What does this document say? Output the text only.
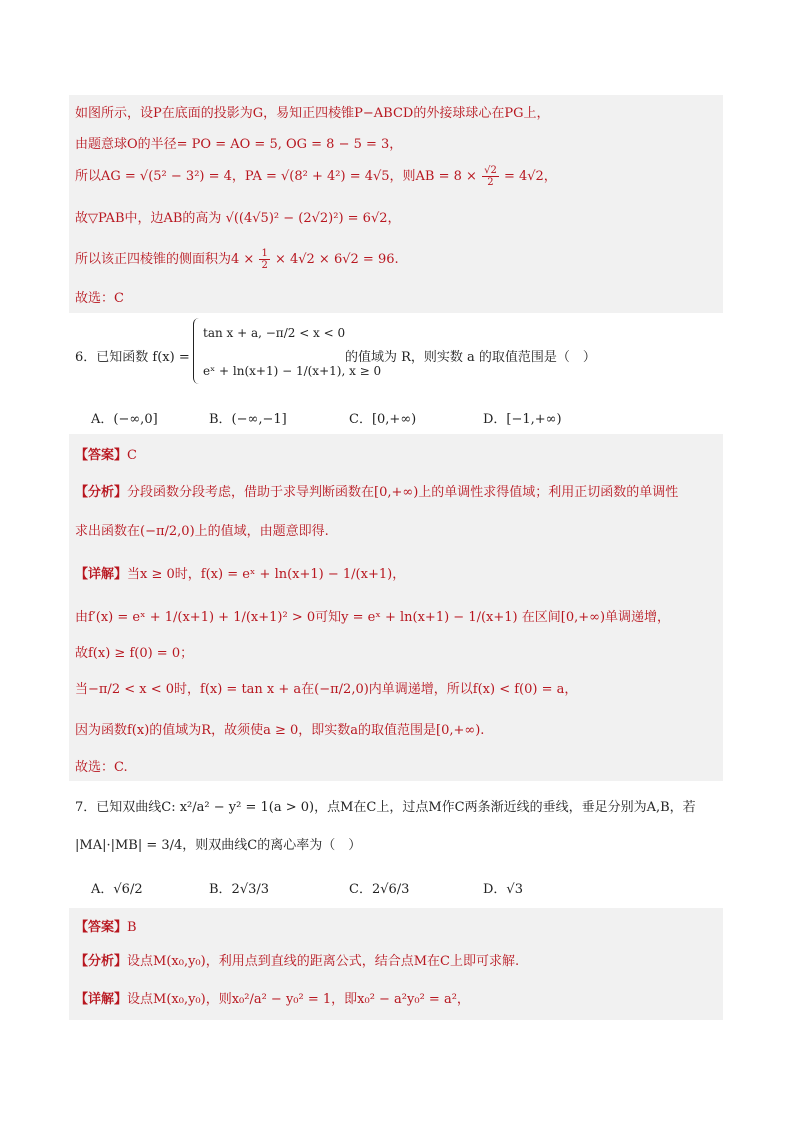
如图所示，设P在底面的投影为G，易知正四棱锥P−ABCD的外接球球心在PG上，
由题意球O的半径= PO = AO = 5, OG = 8 − 5 = 3，
所以AG = √(5² − 3²) = 4，PA = √(8² + 4²) = 4√5，则AB = $8 \times \frac{√2}{2} = 4√2$，
故▽PAB中，边AB的高为 √((4√5)² − (2√2)²) = 6√2，
所以该正四棱锥的侧面积为$4 \times \frac{1}{2} \times 4√2 \times 6√2 = 96$.
故选：C
6．已知函数 f(x) =
tan x + a, −π/2 < x < 0
eˣ + ln(x+1) − 1/(x+1), x ≥ 0
的值域为 R，则实数 a 的取值范围是（　）
A．(−∞,0]	B．(−∞,−1]	C．[0,+∞)	D．[−1,+∞)
【答案】C
【分析】分段函数分段考虑，借助于求导判断函数在[0,+∞)上的单调性求得值域；利用正切函数的单调性
求出函数在(−π/2,0)上的值域，由题意即得.
【详解】当x ≥ 0时，f(x) = eˣ + ln(x+1) − 1/(x+1)，
由f′(x) = eˣ + 1/(x+1) + 1/(x+1)² > 0可知y = eˣ + ln(x+1) − 1/(x+1) 在区间[0,+∞)单调递增，
故f(x) ≥ f(0) = 0；
当−π/2 < x < 0时，f(x) = tan x + a在(−π/2,0)内单调递增，所以f(x) < f(0) = a，
因为函数f(x)的值域为R，故须使a ≥ 0，即实数a的取值范围是[0,+∞).
故选：C.
7．已知双曲线C: x²/a² − y² = 1(a > 0)，点M在C上，过点M作C两条渐近线的垂线，垂足分别为A,B，若
|MA|·|MB| = 3/4，则双曲线C的离心率为（　）
A．√6/2	B．2√3/3	C．2√6/3	D．√3
【答案】B
【分析】设点M(x₀,y₀)，利用点到直线的距离公式，结合点M在C上即可求解.
【详解】设点M(x₀,y₀)，则x₀²/a² − y₀² = 1，即x₀² − a²y₀² = a²，
